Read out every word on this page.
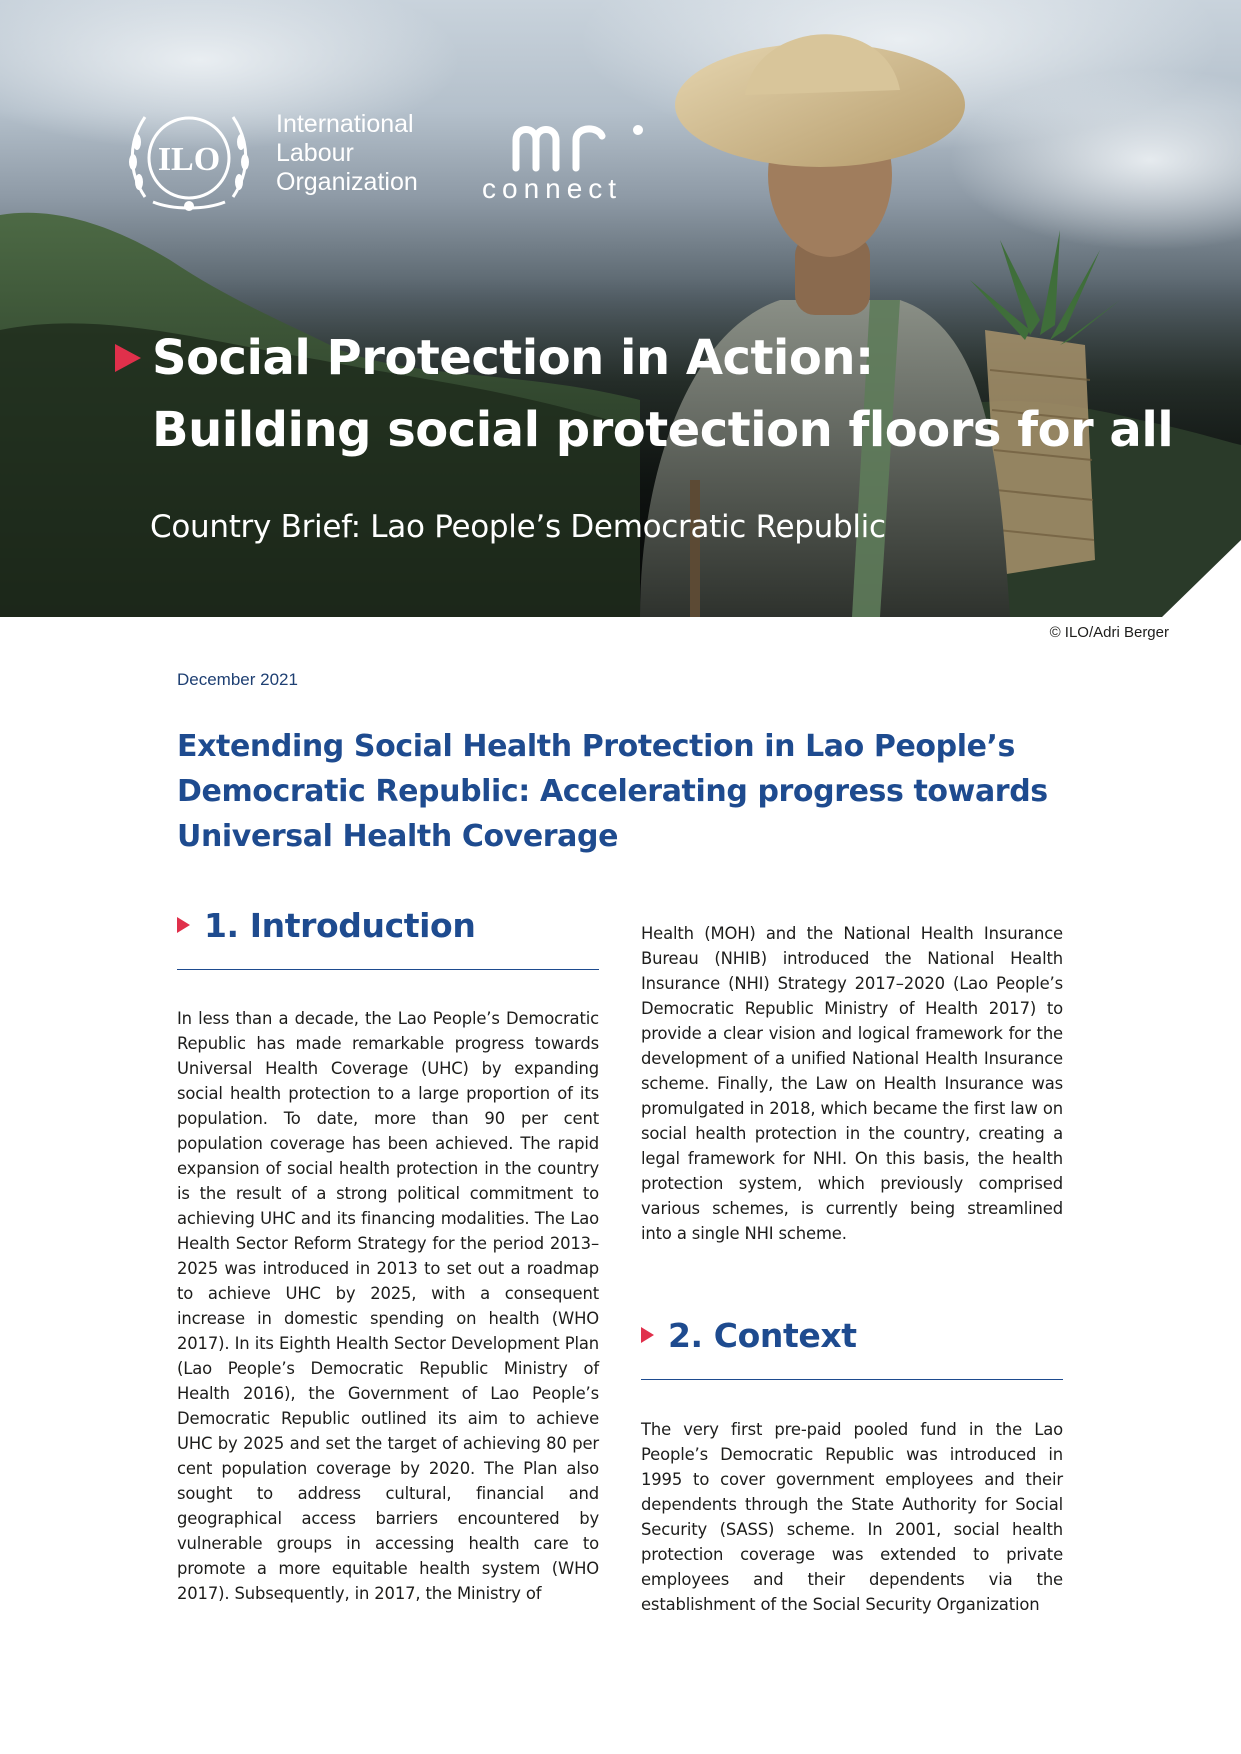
ILO
International
Labour
Organization connect
Social Protection in Action:
Building social protection floors for all
Country Brief: Lao People’s Democratic Republic
© ILO/Adri Berger
December 2021
Extending Social Health Protection in Lao People’s Democratic Republic: Accelerating progress towards Universal Health Coverage
1. Introduction
In less than a decade, the Lao People’s Democratic Republic has made remarkable progress towards Universal Health Coverage (UHC) by expanding social health protection to a large proportion of its population. To date, more than 90 per cent population coverage has been achieved. The rapid expansion of social health protection in the country is the result of a strong political commitment to achieving UHC and its financing modalities. The Lao Health Sector Reform Strategy for the period 2013–2025 was introduced in 2013 to set out a roadmap to achieve UHC by 2025, with a consequent increase in domestic spending on health (WHO 2017). In its Eighth Health Sector Development Plan (Lao People’s Democratic Republic Ministry of Health 2016), the Government of Lao People’s Democratic Republic outlined its aim to achieve UHC by 2025 and set the target of achieving 80 per cent population coverage by 2020. The Plan also sought to address cultural, financial and geographical access barriers encountered by vulnerable groups in accessing health care to promote a more equitable health system (WHO 2017). Subsequently, in 2017, the Ministry of
Health (MOH) and the National Health Insurance Bureau (NHIB) introduced the National Health Insurance (NHI) Strategy 2017–2020 (Lao People’s Democratic Republic Ministry of Health 2017) to provide a clear vision and logical framework for the development of a unified National Health Insurance scheme. Finally, the Law on Health Insurance was promulgated in 2018, which became the first law on social health protection in the country, creating a legal framework for NHI. On this basis, the health protection system, which previously comprised various schemes, is currently being streamlined into a single NHI scheme.
2. Context
The very first pre-paid pooled fund in the Lao People’s Democratic Republic was introduced in 1995 to cover government employees and their dependents through the State Authority for Social Security (SASS) scheme. In 2001, social health protection coverage was extended to private employees and their dependents via the establishment of the Social Security Organization
